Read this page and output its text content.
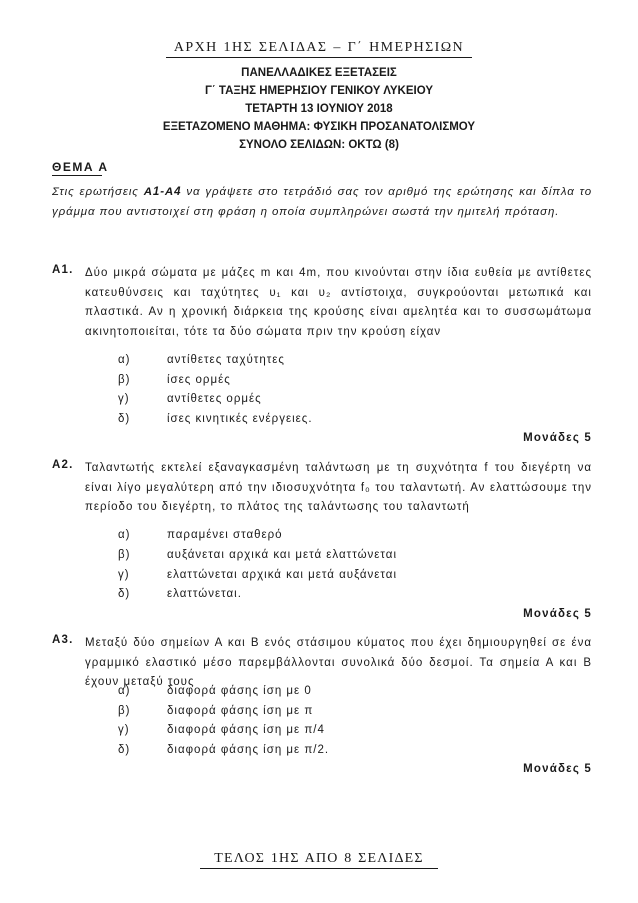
ΑΡΧΗ 1ΗΣ ΣΕΛΙΔΑΣ – Γ΄ ΗΜΕΡΗΣΙΩΝ
ΠΑΝΕΛΛΑΔΙΚΕΣ ΕΞΕΤΑΣΕΙΣ
Γ΄ ΤΑΞΗΣ ΗΜΕΡΗΣΙΟΥ ΓΕΝΙΚΟΥ ΛΥΚΕΙΟΥ
ΤΕΤΑΡΤΗ 13 ΙΟΥΝΙΟΥ 2018
ΕΞΕΤΑΖΟΜΕΝΟ ΜΑΘΗΜΑ: ΦΥΣΙΚΗ ΠΡΟΣΑΝΑΤΟΛΙΣΜΟΥ
ΣΥΝΟΛΟ ΣΕΛΙΔΩΝ: ΟΚΤΩ (8)
ΘΕΜΑ Α
Στις ερωτήσεις Α1-Α4 να γράψετε στο τετράδιό σας τον αριθμό της ερώτησης και δίπλα το γράμμα που αντιστοιχεί στη φράση η οποία συμπληρώνει σωστά την ημιτελή πρόταση.
Α1. Δύο μικρά σώματα με μάζες m και 4m, που κινούνται στην ίδια ευθεία με αντίθετες κατευθύνσεις και ταχύτητες υ₁ και υ₂ αντίστοιχα, συγκρούονται μετωπικά και πλαστικά. Αν η χρονική διάρκεια της κρούσης είναι αμελητέα και το συσσωμάτωμα ακινητοποιείται, τότε τα δύο σώματα πριν την κρούση είχαν
α)	αντίθετες ταχύτητες
β)	ίσες ορμές
γ)	αντίθετες ορμές
δ)	ίσες κινητικές ενέργειες.
Μονάδες 5
Α2. Ταλαντωτής εκτελεί εξαναγκασμένη ταλάντωση με τη συχνότητα f του διεγέρτη να είναι λίγο μεγαλύτερη από την ιδιοσυχνότητα f₀ του ταλαντωτή. Αν ελαττώσουμε την περίοδο του διεγέρτη, το πλάτος της ταλάντωσης του ταλαντωτή
α)	παραμένει σταθερό
β)	αυξάνεται αρχικά και μετά ελαττώνεται
γ)	ελαττώνεται αρχικά και μετά αυξάνεται
δ)	ελαττώνεται.
Μονάδες 5
Α3. Μεταξύ δύο σημείων Α και Β ενός στάσιμου κύματος που έχει δημιουργηθεί σε ένα γραμμικό ελαστικό μέσο παρεμβάλλονται συνολικά δύο δεσμοί. Τα σημεία Α και Β έχουν μεταξύ τους
α)	διαφορά φάσης ίση με 0
β)	διαφορά φάσης ίση με π
γ)	διαφορά φάσης ίση με π/4
δ)	διαφορά φάσης ίση με π/2.
Μονάδες 5
ΤΕΛΟΣ 1ΗΣ ΑΠΟ 8 ΣΕΛΙΔΕΣ
